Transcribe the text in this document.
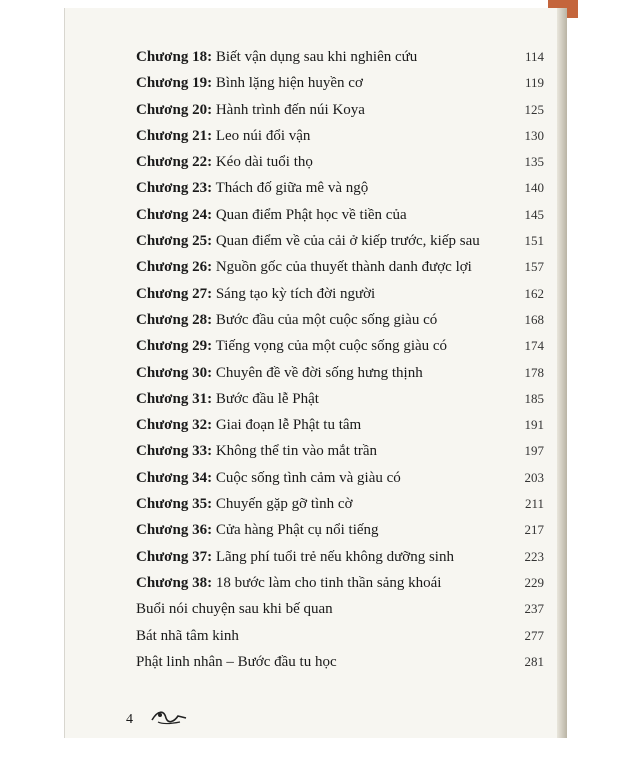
Chương 18: Biết vận dụng sau khi nghiên cứu	114
Chương 19: Bình lặng hiện huyền cơ	119
Chương 20: Hành trình đến núi Koya	125
Chương 21: Leo núi đổi vận	130
Chương 22: Kéo dài tuổi thọ	135
Chương 23: Thách đố giữa mê và ngộ	140
Chương 24: Quan điểm Phật học về tiền của	145
Chương 25: Quan điểm về của cải ở kiếp trước, kiếp sau	151
Chương 26: Nguồn gốc của thuyết thành danh được lợi	157
Chương 27: Sáng tạo kỳ tích đời người	162
Chương 28: Bước đầu của một cuộc sống giàu có	168
Chương 29: Tiếng vọng của một cuộc sống giàu có	174
Chương 30: Chuyên đề về đời sống hưng thịnh	178
Chương 31: Bước đầu lễ Phật	185
Chương 32: Giai đoạn lễ Phật tu tâm	191
Chương 33: Không thể tin vào mắt trần	197
Chương 34: Cuộc sống tình cảm và giàu có	203
Chương 35: Chuyến gặp gỡ tình cờ	211
Chương 36: Cửa hàng Phật cụ nổi tiếng	217
Chương 37: Lãng phí tuổi trẻ nếu không dưỡng sinh	223
Chương 38: 18 bước làm cho tinh thần sảng khoái	229
Buổi nói chuyện sau khi bế quan	237
Bát nhã tâm kinh	277
Phật linh nhân – Bước đầu tu học	281
4
